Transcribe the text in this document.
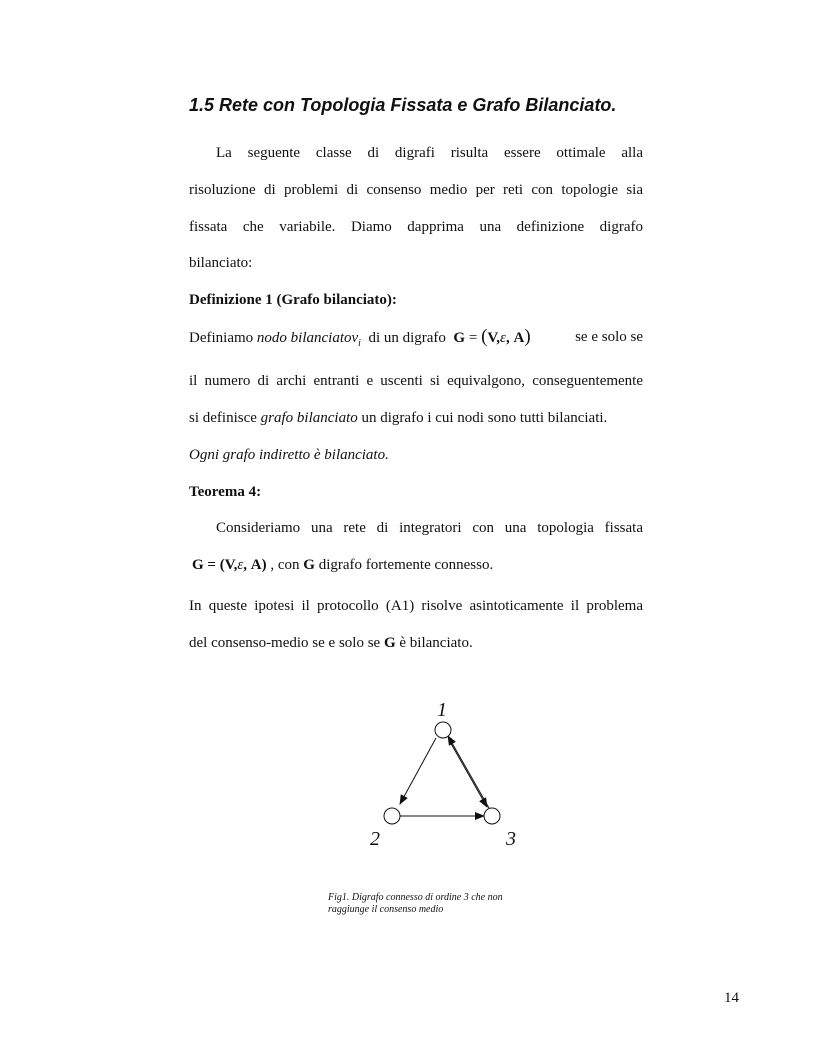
1.5 Rete con Topologia Fissata e Grafo Bilanciato.
La seguente classe di digrafi risulta essere ottimale alla
risoluzione di problemi di consenso medio per reti con topologie sia
fissata che variabile. Diamo dapprima una definizione digrafo
bilanciato:
Definizione 1 (Grafo bilanciato):
Definiamo nodo bilanciatov$_i$ di un digrafo G = (V,ε, A)	se e solo se
il numero di archi entranti e uscenti si equivalgono, conseguentemente
si definisce grafo bilanciato un digrafo i cui nodi sono tutti bilanciati.
Ogni grafo indiretto è bilanciato.
Teorema 4:
Consideriamo una rete di integratori con una topologia fissata
G = (V,ε, A) , con G digrafo fortemente connesso.
In queste ipotesi il protocollo (A1) risolve asintoticamente il problema
del consenso-medio se e solo se G è bilanciato.
1
2	3
Fig1. Digrafo connesso di ordine 3 che non
raggiunge il consenso medio
14
